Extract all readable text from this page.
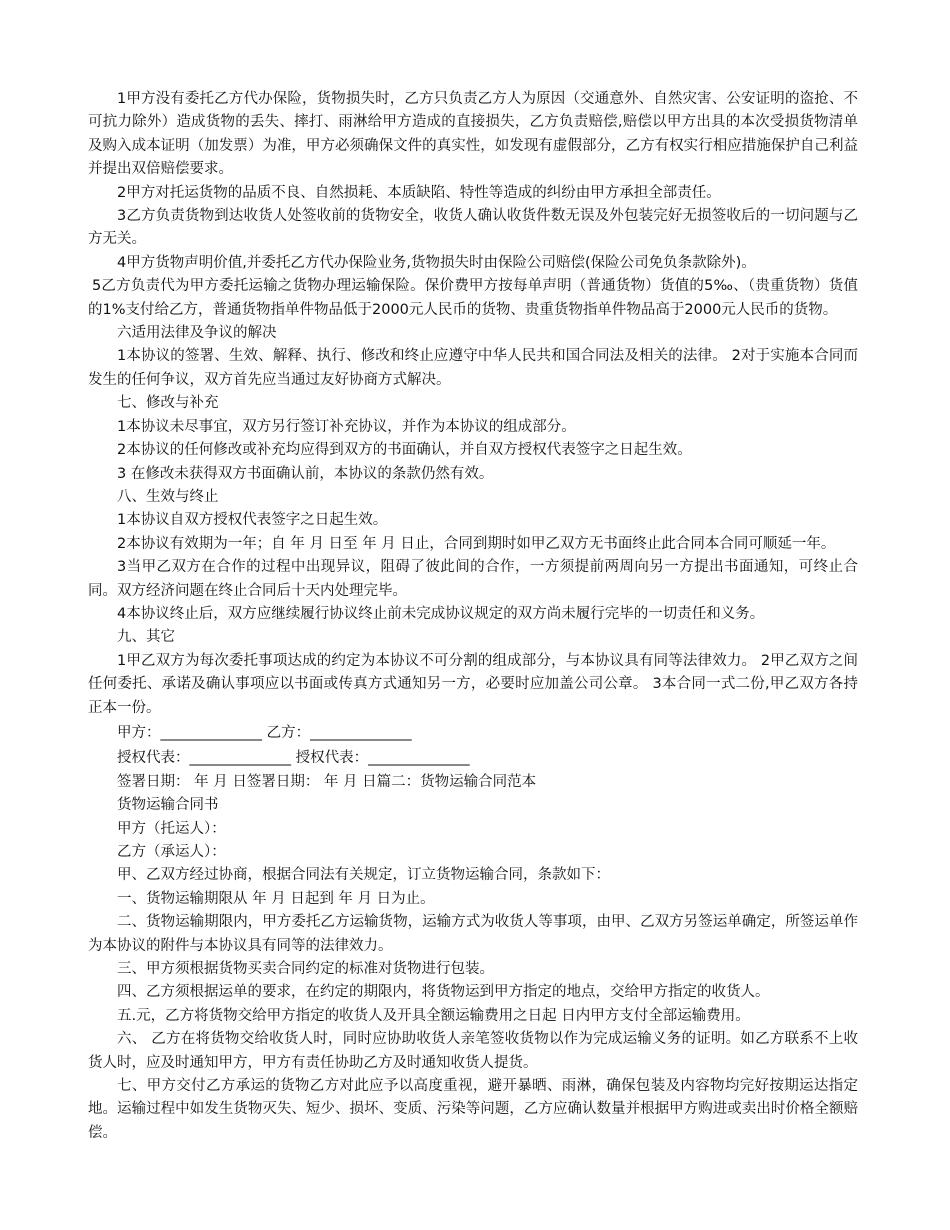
1甲方没有委托乙方代办保险，货物损失时，乙方只负责乙方人为原因（交通意外、自然灾害、公安证明的盗抢、不可抗力除外）造成货物的丢失、摔打、雨淋给甲方造成的直接损失，乙方负责赔偿,赔偿以甲方出具的本次受损货物清单及购入成本证明（加发票）为准，甲方必须确保文件的真实性，如发现有虚假部分，乙方有权实行相应措施保护自己利益并提出双倍赔偿要求。

2甲方对托运货物的品质不良、自然损耗、本质缺陷、特性等造成的纠纷由甲方承担全部责任。

3乙方负责货物到达收货人处签收前的货物安全，收货人确认收货件数无误及外包装完好无损签收后的一切问题与乙方无关。

4甲方货物声明价值,并委托乙方代办保险业务,货物损失时由保险公司赔偿(保险公司免负条款除外)。

5乙方负责代为甲方委托运输之货物办理运输保险。保价费甲方按每单声明（普通货物）货值的5‰、（贵重货物）货值的1%支付给乙方，普通货物指单件物品低于2000元人民币的货物、贵重货物指单件物品高于2000元人民币的货物。

六适用法律及争议的解决

1本协议的签署、生效、解释、执行、修改和终止应遵守中华人民共和国合同法及相关的法律。 2对于实施本合同而发生的任何争议，双方首先应当通过友好协商方式解决。

七、修改与补充

1本协议未尽事宜，双方另行签订补充协议，并作为本协议的组成部分。

2本协议的任何修改或补充均应得到双方的书面确认，并自双方授权代表签字之日起生效。

3 在修改未获得双方书面确认前，本协议的条款仍然有效。

八、生效与终止

1本协议自双方授权代表签字之日起生效。

2本协议有效期为一年；自 年 月 日至 年 月 日止，合同到期时如甲乙双方无书面终止此合同本合同可顺延一年。

3当甲乙双方在合作的过程中出现异议，阻碍了彼此间的合作，一方须提前两周向另一方提出书面通知，可终止合同。双方经济问题在终止合同后十天内处理完毕。

4本协议终止后，双方应继续履行协议终止前未完成协议规定的双方尚未履行完毕的一切责任和义务。

九、其它

1甲乙双方为每次委托事项达成的约定为本协议不可分割的组成部分，与本协议具有同等法律效力。 2甲乙双方之间任何委托、承诺及确认事项应以书面或传真方式通知另一方，必要时应加盖公司公章。 3本合同一式二份,甲乙双方各持正本一份。

甲方：______________ 乙方：______________

授权代表：______________ 授权代表：______________

签署日期： 年 月 日签署日期： 年 月 日篇二：货物运输合同范本

货物运输合同书

甲方（托运人）：

乙方（承运人）：

甲、乙双方经过协商，根据合同法有关规定，订立货物运输合同，条款如下：

一、货物运输期限从 年 月 日起到 年 月 日为止。

二、货物运输期限内，甲方委托乙方运输货物，运输方式为收货人等事项，由甲、乙双方另签运单确定，所签运单作为本协议的附件与本协议具有同等的法律效力。

三、甲方须根据货物买卖合同约定的标准对货物进行包装。

四、乙方须根据运单的要求，在约定的期限内，将货物运到甲方指定的地点，交给甲方指定的收货人。

五.元，乙方将货物交给甲方指定的收货人及开具全额运输费用之日起 日内甲方支付全部运输费用。

六、 乙方在将货物交给收货人时，同时应协助收货人亲笔签收货物以作为完成运输义务的证明。如乙方联系不上收货人时，应及时通知甲方，甲方有责任协助乙方及时通知收货人提货。

七、甲方交付乙方承运的货物乙方对此应予以高度重视，避开暴晒、雨淋，确保包装及内容物均完好按期运达指定地。运输过程中如发生货物灭失、短少、损坏、变质、污染等问题，乙方应确认数量并根据甲方购进或卖出时价格全额赔偿。
